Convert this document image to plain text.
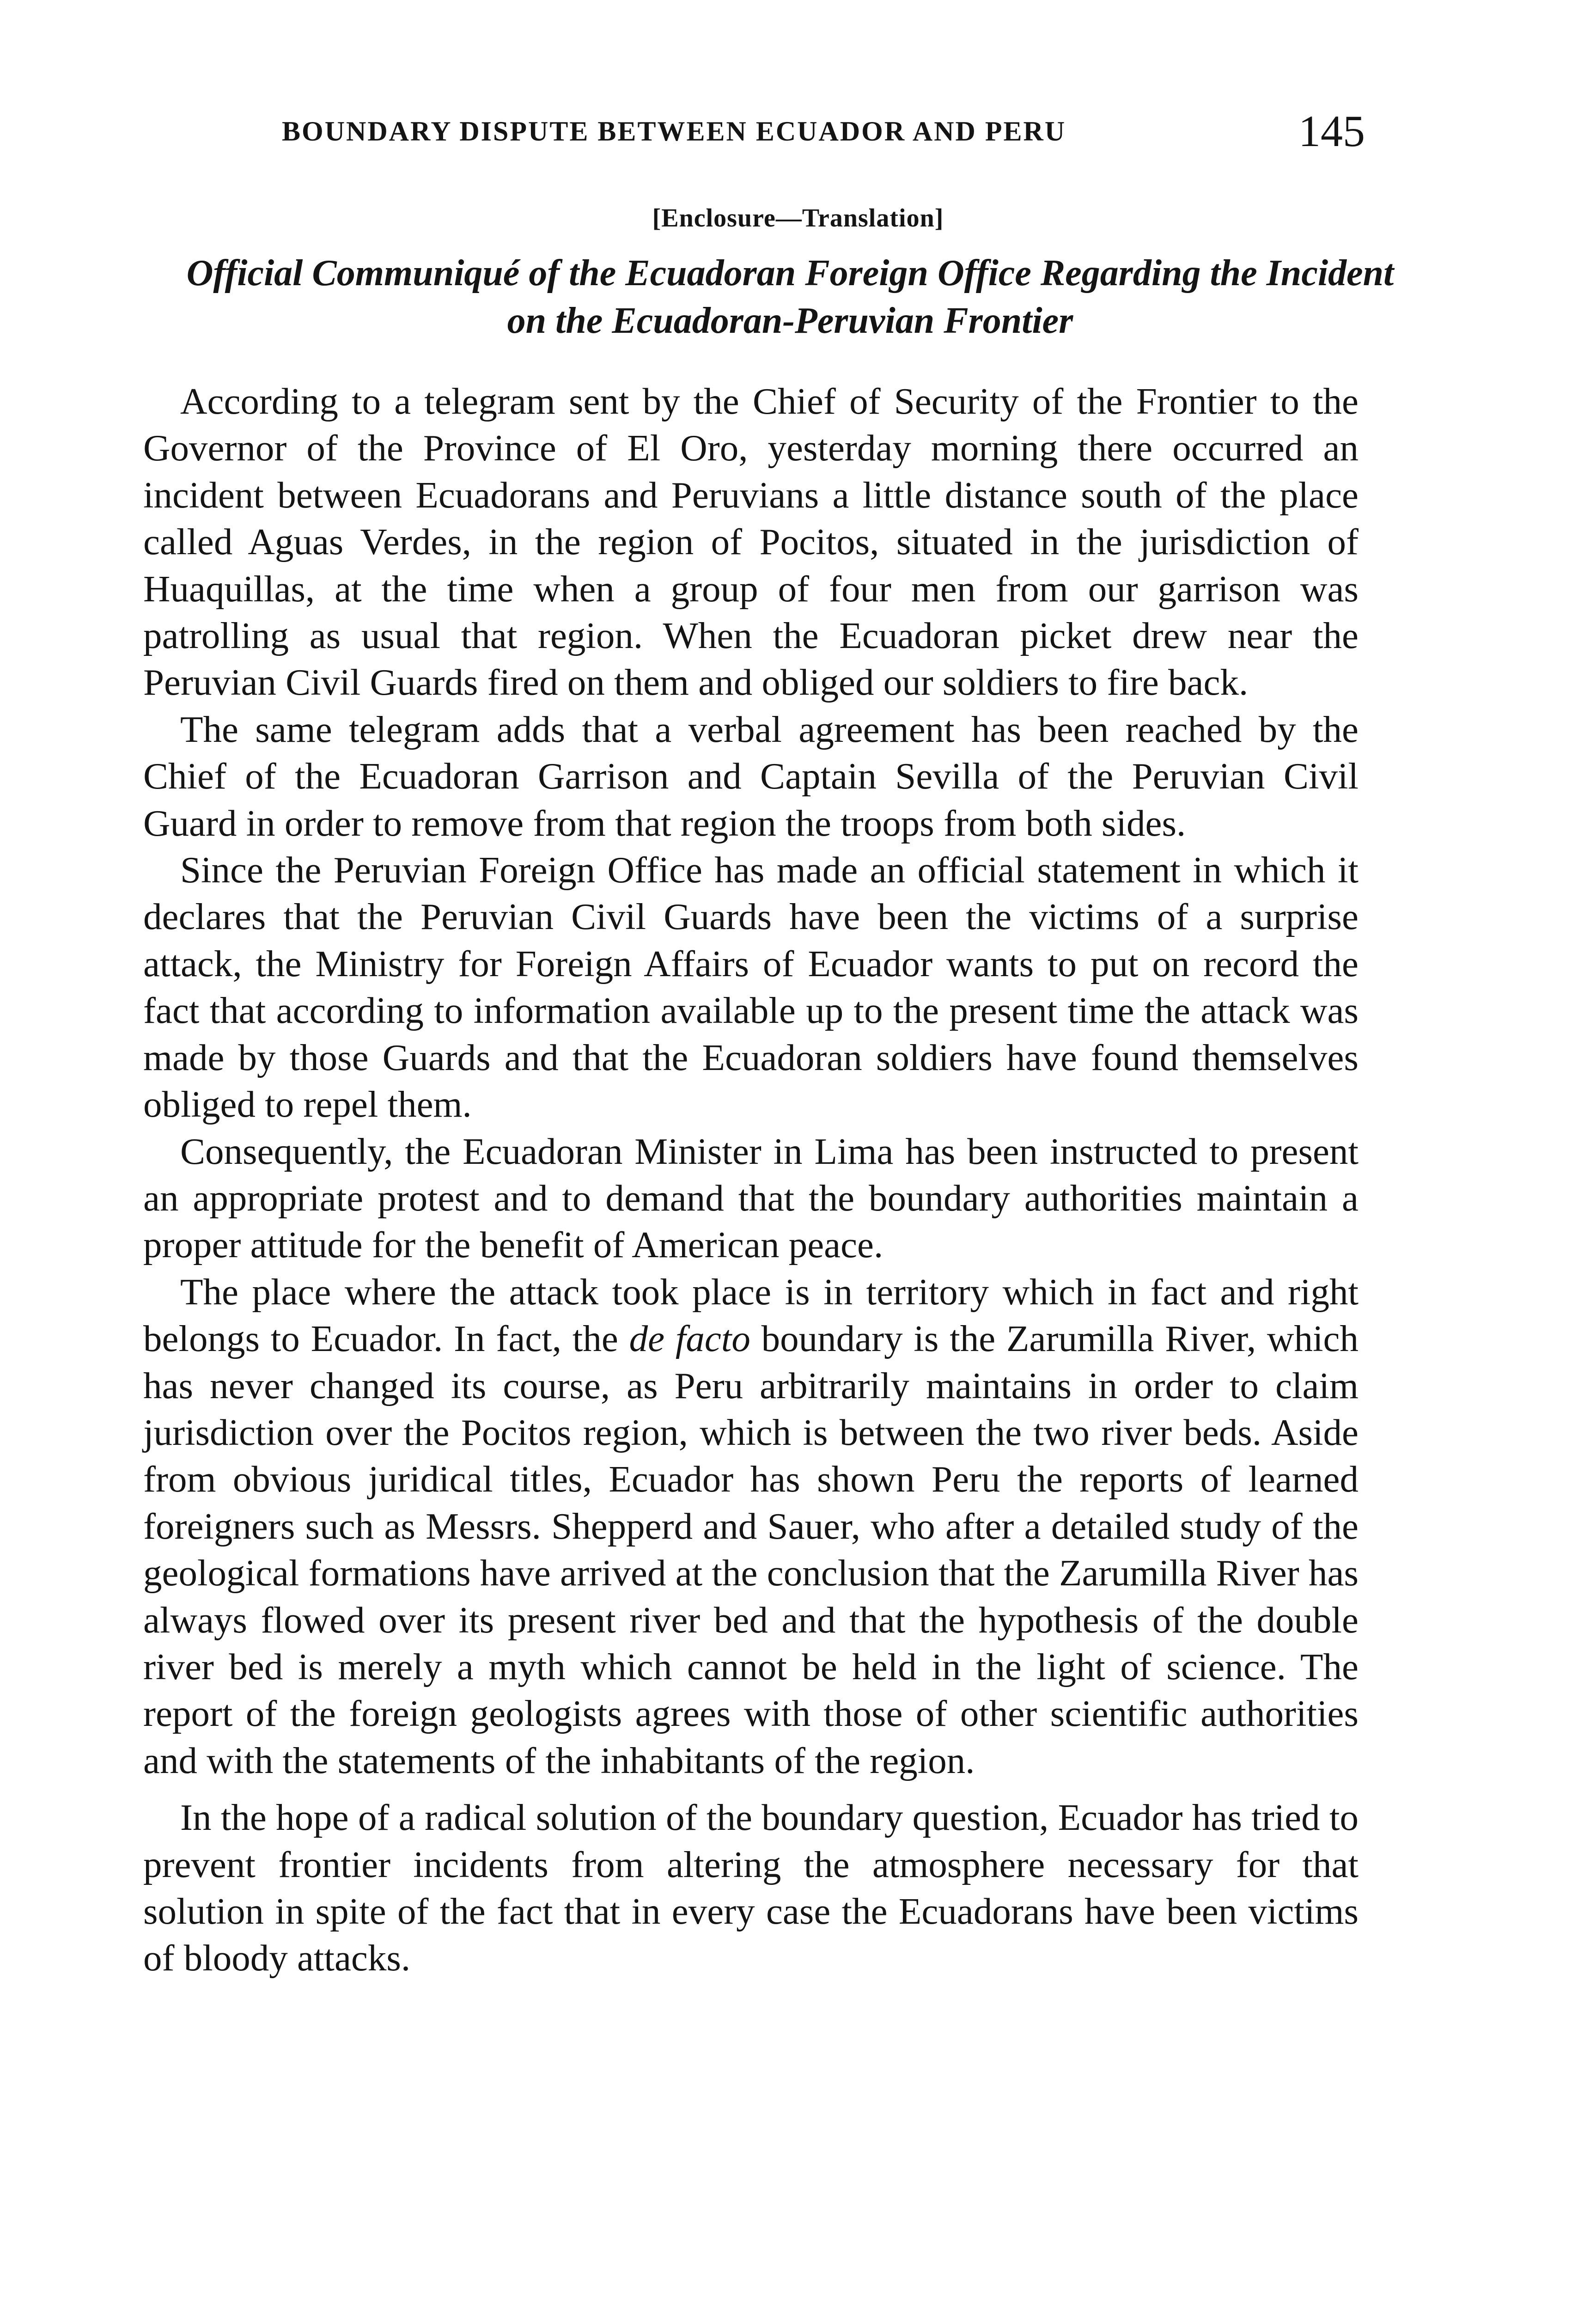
BOUNDARY DISPUTE BETWEEN ECUADOR AND PERU	145
[Enclosure—Translation]
Official Communiqué of the Ecuadoran Foreign Office Regarding the Incident on the Ecuadoran-Peruvian Frontier

According to a telegram sent by the Chief of Security of the Frontier to the Governor of the Province of El Oro, yesterday morning there occurred an incident between Ecuadorans and Peruvians a little distance south of the place called Aguas Verdes, in the region of Pocitos, situated in the jurisdiction of Huaquillas, at the time when a group of four men from our garrison was patrolling as usual that region. When the Ecuadoran picket drew near the Peruvian Civil Guards fired on them and obliged our soldiers to fire back.

The same telegram adds that a verbal agreement has been reached by the Chief of the Ecuadoran Garrison and Captain Sevilla of the Peruvian Civil Guard in order to remove from that region the troops from both sides.

Since the Peruvian Foreign Office has made an official statement in which it declares that the Peruvian Civil Guards have been the victims of a surprise attack, the Ministry for Foreign Affairs of Ecuador wants to put on record the fact that according to information available up to the present time the attack was made by those Guards and that the Ecuadoran soldiers have found themselves obliged to repel them.

Consequently, the Ecuadoran Minister in Lima has been instructed to present an appropriate protest and to demand that the boundary authorities maintain a proper attitude for the benefit of American peace.

The place where the attack took place is in territory which in fact and right belongs to Ecuador. In fact, the de facto boundary is the Zarumilla River, which has never changed its course, as Peru arbitrarily maintains in order to claim jurisdiction over the Pocitos region, which is between the two river beds. Aside from obvious juridical titles, Ecuador has shown Peru the reports of learned foreigners such as Messrs. Shepperd and Sauer, who after a detailed study of the geological formations have arrived at the conclusion that the Zarumilla River has always flowed over its present river bed and that the hypothesis of the double river bed is merely a myth which cannot be held in the light of science. The report of the foreign geologists agrees with those of other scientific authorities and with the statements of the inhabitants of the region.

In the hope of a radical solution of the boundary question, Ecuador has tried to prevent frontier incidents from altering the atmosphere necessary for that solution in spite of the fact that in every case the Ecuadorans have been victims of bloody attacks.
